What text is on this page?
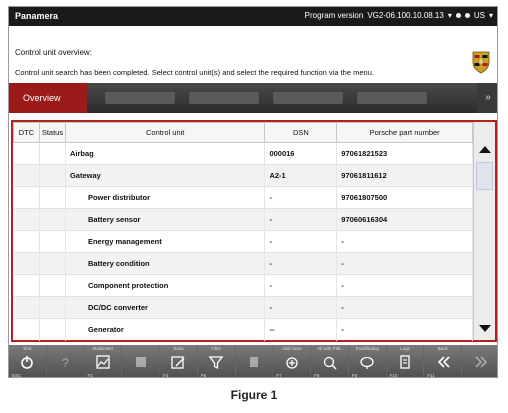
Panamera	Program version VG2-06.100.10.08.13 ▾	US ▾
Control unit overview:
Control unit search has been completed. Select control unit(s) and select the required function via the menu.
Overview	»
DTC	Status	Control unit	DSN	Porsche part number
		Airbag	000016	97061821523
		Gateway	A2-1	97061811612
		Power distributor	-	97061807500
		Battery sensor	-	97060616304
		Energy management	-	-
		Battery condition	-	-
		Component protection	-	-
		DC/DC converter	-	-
		Generator	--	-
End
ESC
?
Multimeter
F2
Save
F4
Filter
F6
Add more
F7
All with FML
F8
Faultfinding
F9
Logs
F10
Back
F11
Figure 1
